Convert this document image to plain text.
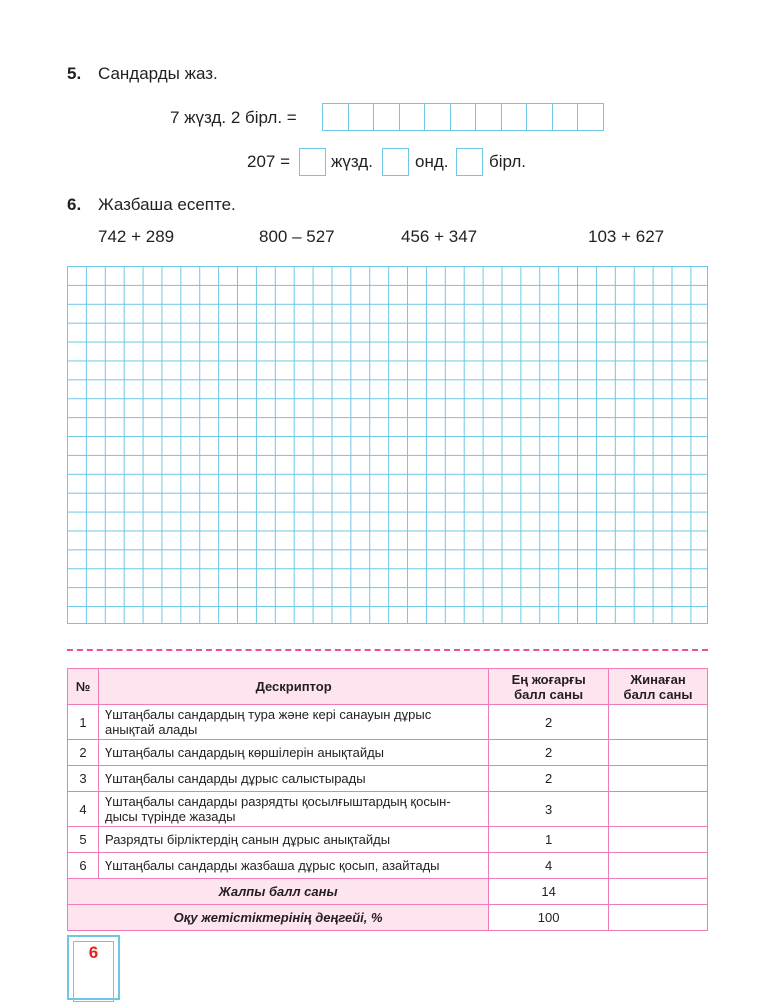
5. Сандарды жаз.
7 жүзд. 2 бірл. =
207 = жүзд. онд. бірл.
6. Жазбаша есепте.
742 + 289	800 – 527	456 + 347	103 + 627
№	Дескриптор	Ең жоғарғы балл саны	Жинаған балл саны
1	Үштаңбалы сандардың тура және кері санауын дұрыс анықтай алады	2	
2	Үштаңбалы сандардың көршілерін анықтайды	2	
3	Үштаңбалы сандарды дұрыс салыстырады	2	
4	Үштаңбалы сандарды разрядты қосылғыштардың қосын-дысы түрінде жазады	3	
5	Разрядты бірліктердің санын дұрыс анықтайды	1	
6	Үштаңбалы сандарды жазбаша дұрыс қосып, азайтады	4	
Жалпы балл саны		14	
Оқу жетістіктерінің деңгейі, %		100	
6
